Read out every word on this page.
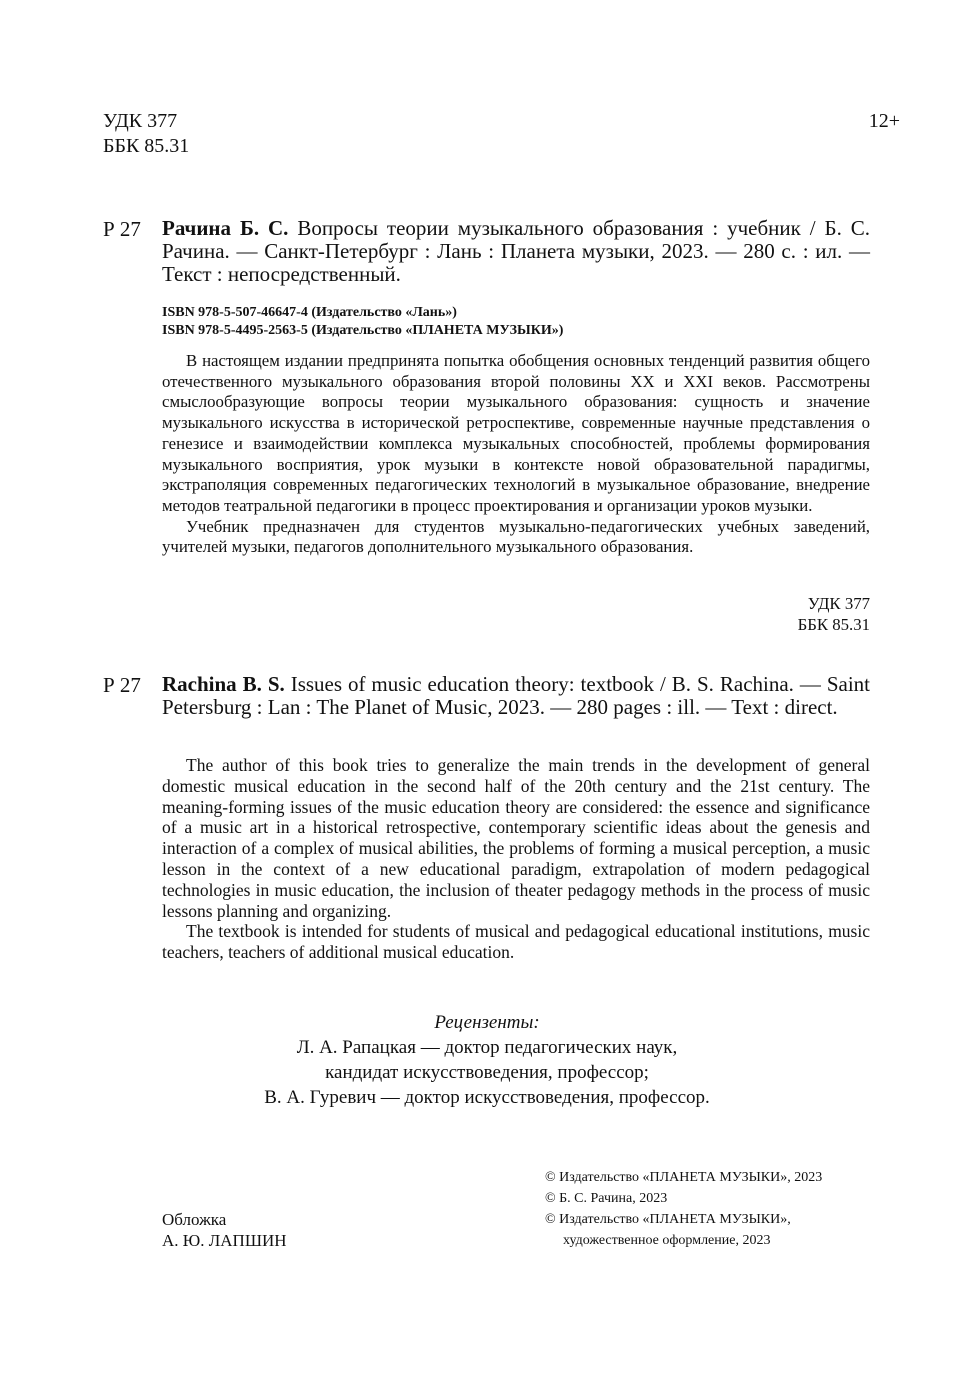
УДК 377
ББК 85.31
12+
Р 27 Рачина Б. С. Вопросы теории музыкального образования : учебник / Б. С. Рачина. — Санкт-Петербург : Лань : Планета музыки, 2023. — 280 с. : ил. — Текст : непосредственный.
ISBN 978-5-507-46647-4 (Издательство «Лань»)
ISBN 978-5-4495-2563-5 (Издательство «ПЛАНЕТА МУЗЫКИ»)

В настоящем издании предпринята попытка обобщения основных тенденций развития общего отечественного музыкального образования второй половины XX и XXI веков. Рассмотрены смыслообразующие вопросы теории музыкального образования: сущность и значение музыкального искусства в исторической ретроспективе, современные научные представления о генезисе и взаимодействии комплекса музыкальных способностей, проблемы формирования музыкального восприятия, урок музыки в контексте новой образовательной парадигмы, экстраполяция современных педагогических технологий в музыкальное образование, внедрение методов театральной педагогики в процесс проектирования и организации уроков музыки.

Учебник предназначен для студентов музыкально-педагогических учебных заведений, учителей музыки, педагогов дополнительного музыкального образования.

УДК 377
ББК 85.31
Р 27 Rachina B. S. Issues of music education theory: textbook / B. S. Rachina. — Saint Petersburg : Lan : The Planet of Music, 2023. — 280 pages : ill. — Text : direct.

The author of this book tries to generalize the main trends in the development of general domestic musical education in the second half of the 20th century and the 21st century. The meaning-forming issues of the music education theory are considered: the essence and significance of a music art in a historical retrospective, contemporary scientific ideas about the genesis and interaction of a complex of musical abilities, the problems of forming a musical perception, a music lesson in the context of a new educational paradigm, extrapolation of modern pedagogical technologies in music education, the inclusion of theater pedagogy methods in the process of music lessons planning and organizing.

The textbook is intended for students of musical and pedagogical educational institutions, music teachers, teachers of additional musical education.

Рецензенты:
Л. А. Рапацкая — доктор педагогических наук,
кандидат искусствоведения, профессор;
В. А. Гуревич — доктор искусствоведения, профессор.
Обложка
А. Ю. ЛАПШИН
© Издательство «ПЛАНЕТА МУЗЫКИ», 2023
© Б. С. Рачина, 2023
© Издательство «ПЛАНЕТА МУЗЫКИ»,
художественное оформление, 2023
